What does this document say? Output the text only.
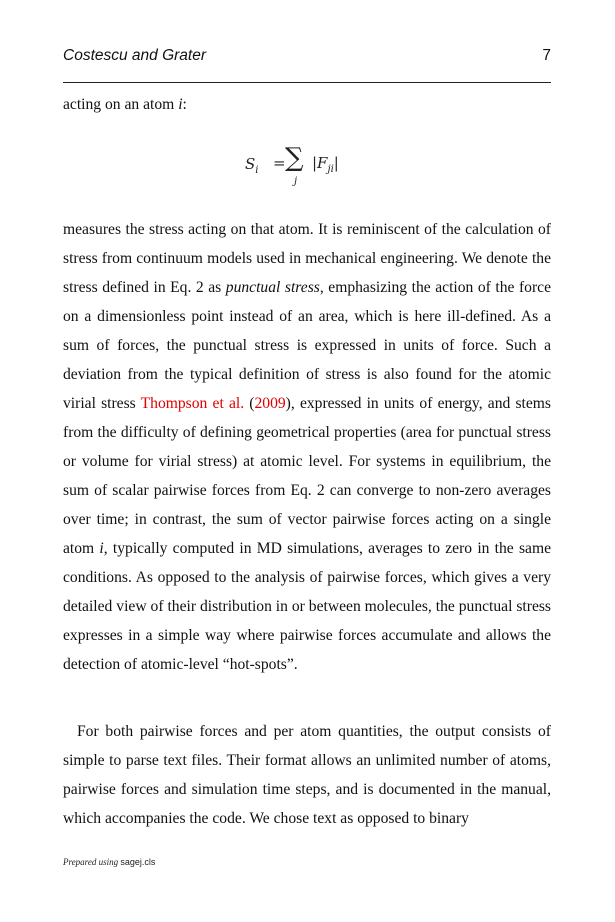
Costescu and Grater	7
acting on an atom i:
$S_i$ = ∑
j
$|F_{ji}|$

measures the stress acting on that atom. It is reminiscent of the calculation of stress from continuum models used in mechanical engineering. We denote the stress defined in Eq. 2 as punctual stress, emphasizing the action of the force on a dimensionless point instead of an area, which is here ill-defined. As a sum of forces, the punctual stress is expressed in units of force. Such a deviation from the typical definition of stress is also found for the atomic virial stress Thompson et al. (2009), expressed in units of energy, and stems from the difficulty of defining geometrical properties (area for punctual stress or volume for virial stress) at atomic level. For systems in equilibrium, the sum of scalar pairwise forces from Eq. 2 can converge to non-zero averages over time; in contrast, the sum of vector pairwise forces acting on a single atom i, typically computed in MD simulations, averages to zero in the same conditions. As opposed to the analysis of pairwise forces, which gives a very detailed view of their distribution in or between molecules, the punctual stress expresses in a simple way where pairwise forces accumulate and allows the detection of atomic-level “hot-spots”.

For both pairwise forces and per atom quantities, the output consists of simple to parse text files. Their format allows an unlimited number of atoms, pairwise forces and simulation time steps, and is documented in the manual, which accompanies the code. We chose text as opposed to binary

Prepared using sagej.cls
